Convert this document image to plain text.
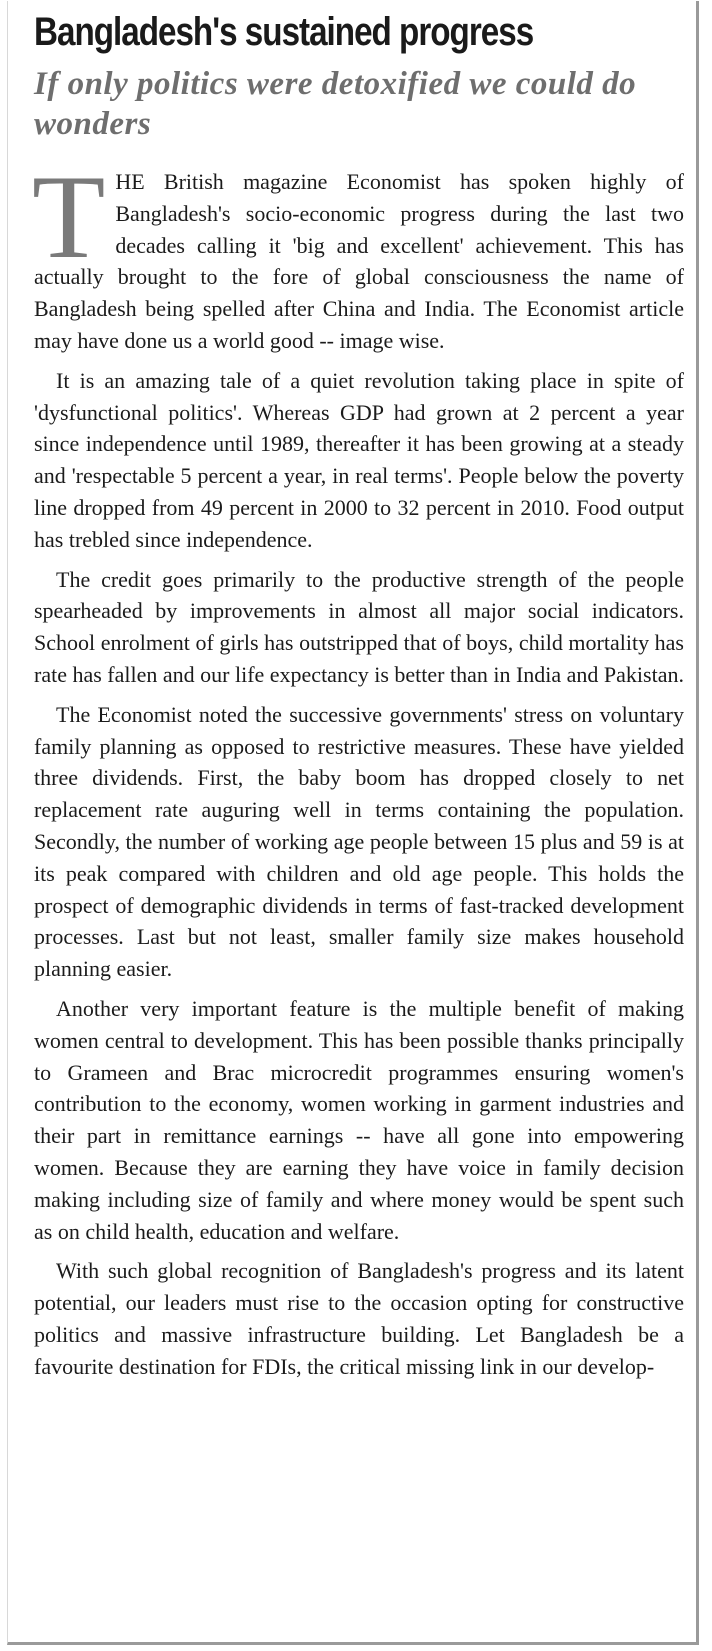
Bangladesh's sustained progress
If only politics were detoxified we could do wonders

THE British magazine Economist has spoken highly of Bangladesh's socio-economic progress during the last two decades calling it 'big and excellent' achievement. This has actually brought to the fore of global consciousness the name of Bangladesh being spelled after China and India. The Economist article may have done us a world good -- image wise.

It is an amazing tale of a quiet revolution taking place in spite of 'dysfunctional politics'. Whereas GDP had grown at 2 percent a year since independence until 1989, thereafter it has been growing at a steady and 'respectable 5 percent a year, in real terms'. People below the poverty line dropped from 49 percent in 2000 to 32 percent in 2010. Food output has trebled since independence.

The credit goes primarily to the productive strength of the people spearheaded by improvements in almost all major social indicators. School enrolment of girls has outstripped that of boys, child mortality has rate has fallen and our life expectancy is better than in India and Pakistan.

The Economist noted the successive governments' stress on voluntary family planning as opposed to restrictive measures. These have yielded three dividends. First, the baby boom has dropped closely to net replacement rate auguring well in terms containing the population. Secondly, the number of working age people between 15 plus and 59 is at its peak compared with children and old age people. This holds the prospect of demographic dividends in terms of fast-tracked development processes. Last but not least, smaller family size makes household planning easier.

Another very important feature is the multiple benefit of making women central to development. This has been possible thanks principally to Grameen and Brac microcredit programmes ensuring women's contribution to the economy, women working in garment industries and their part in remittance earnings -- have all gone into empowering women. Because they are earning they have voice in family decision making including size of family and where money would be spent such as on child health, education and welfare.

With such global recognition of Bangladesh's progress and its latent potential, our leaders must rise to the occasion opting for constructive politics and massive infrastructure building. Let Bangladesh be a favourite destination for FDIs, the critical missing link in our develop-
